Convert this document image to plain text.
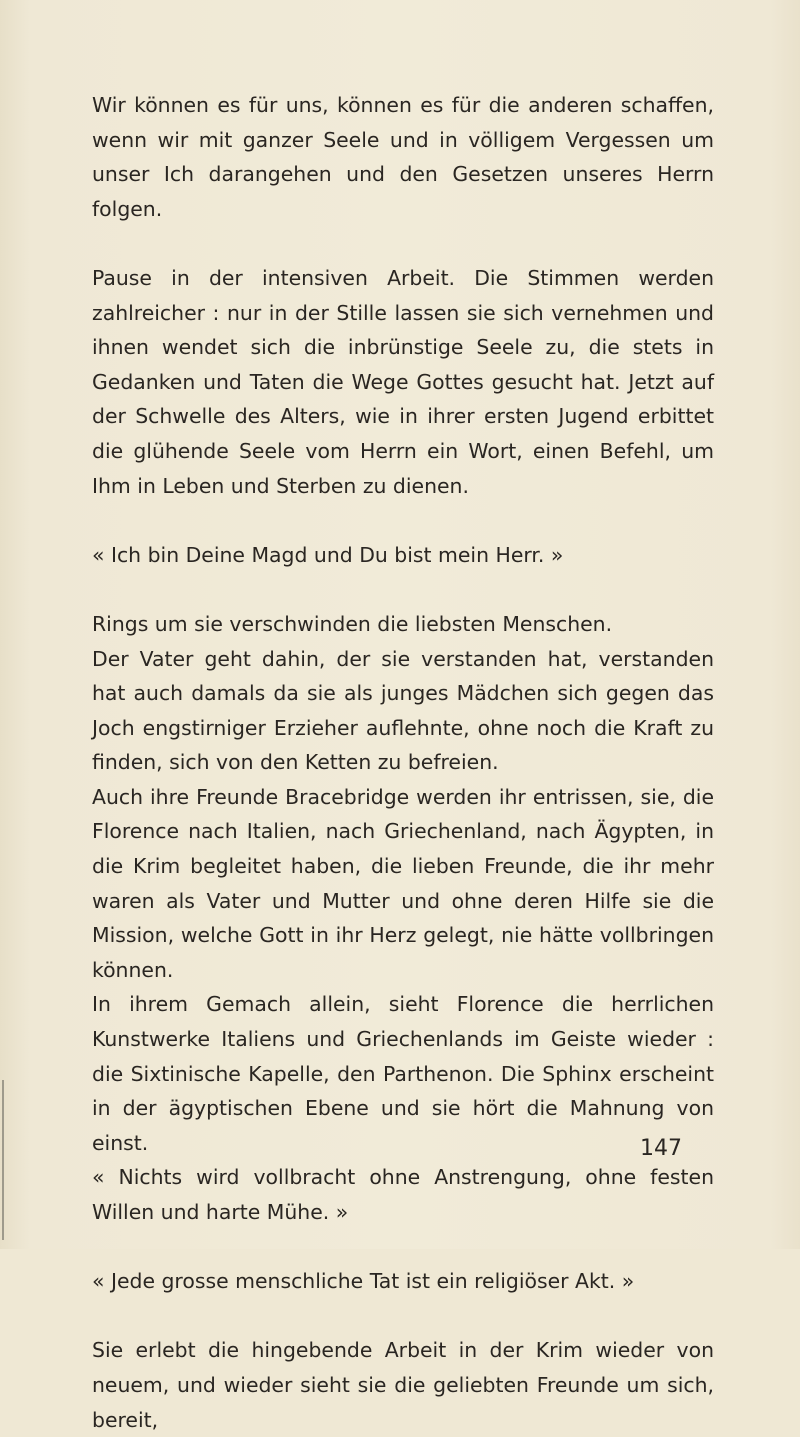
Wir können es für uns, können es für die anderen schaffen, wenn wir mit ganzer Seele und in völligem Vergessen um unser Ich darangehen und den Gesetzen unseres Herrn folgen.

Pause in der intensiven Arbeit. Die Stimmen werden zahlreicher : nur in der Stille lassen sie sich vernehmen und ihnen wendet sich die inbrünstige Seele zu, die stets in Gedanken und Taten die Wege Gottes gesucht hat. Jetzt auf der Schwelle des Alters, wie in ihrer ersten Jugend erbittet die glühende Seele vom Herrn ein Wort, einen Befehl, um Ihm in Leben und Sterben zu dienen.

« Ich bin Deine Magd und Du bist mein Herr. »

Rings um sie verschwinden die liebsten Menschen.

Der Vater geht dahin, der sie verstanden hat, verstanden hat auch damals da sie als junges Mädchen sich gegen das Joch engstirniger Erzieher auflehnte, ohne noch die Kraft zu finden, sich von den Ketten zu befreien.

Auch ihre Freunde Bracebridge werden ihr entrissen, sie, die Florence nach Italien, nach Griechenland, nach Ägypten, in die Krim begleitet haben, die lieben Freunde, die ihr mehr waren als Vater und Mutter und ohne deren Hilfe sie die Mission, welche Gott in ihr Herz gelegt, nie hätte vollbringen können.

In ihrem Gemach allein, sieht Florence die herrlichen Kunstwerke Italiens und Griechenlands im Geiste wieder : die Sixtinische Kapelle, den Parthenon. Die Sphinx erscheint in der ägyptischen Ebene und sie hört die Mahnung von einst.

« Nichts wird vollbracht ohne Anstrengung, ohne festen Willen und harte Mühe. »

« Jede grosse menschliche Tat ist ein religiöser Akt. »

Sie erlebt die hingebende Arbeit in der Krim wieder von neuem, und wieder sieht sie die geliebten Freunde um sich, bereit,

147
